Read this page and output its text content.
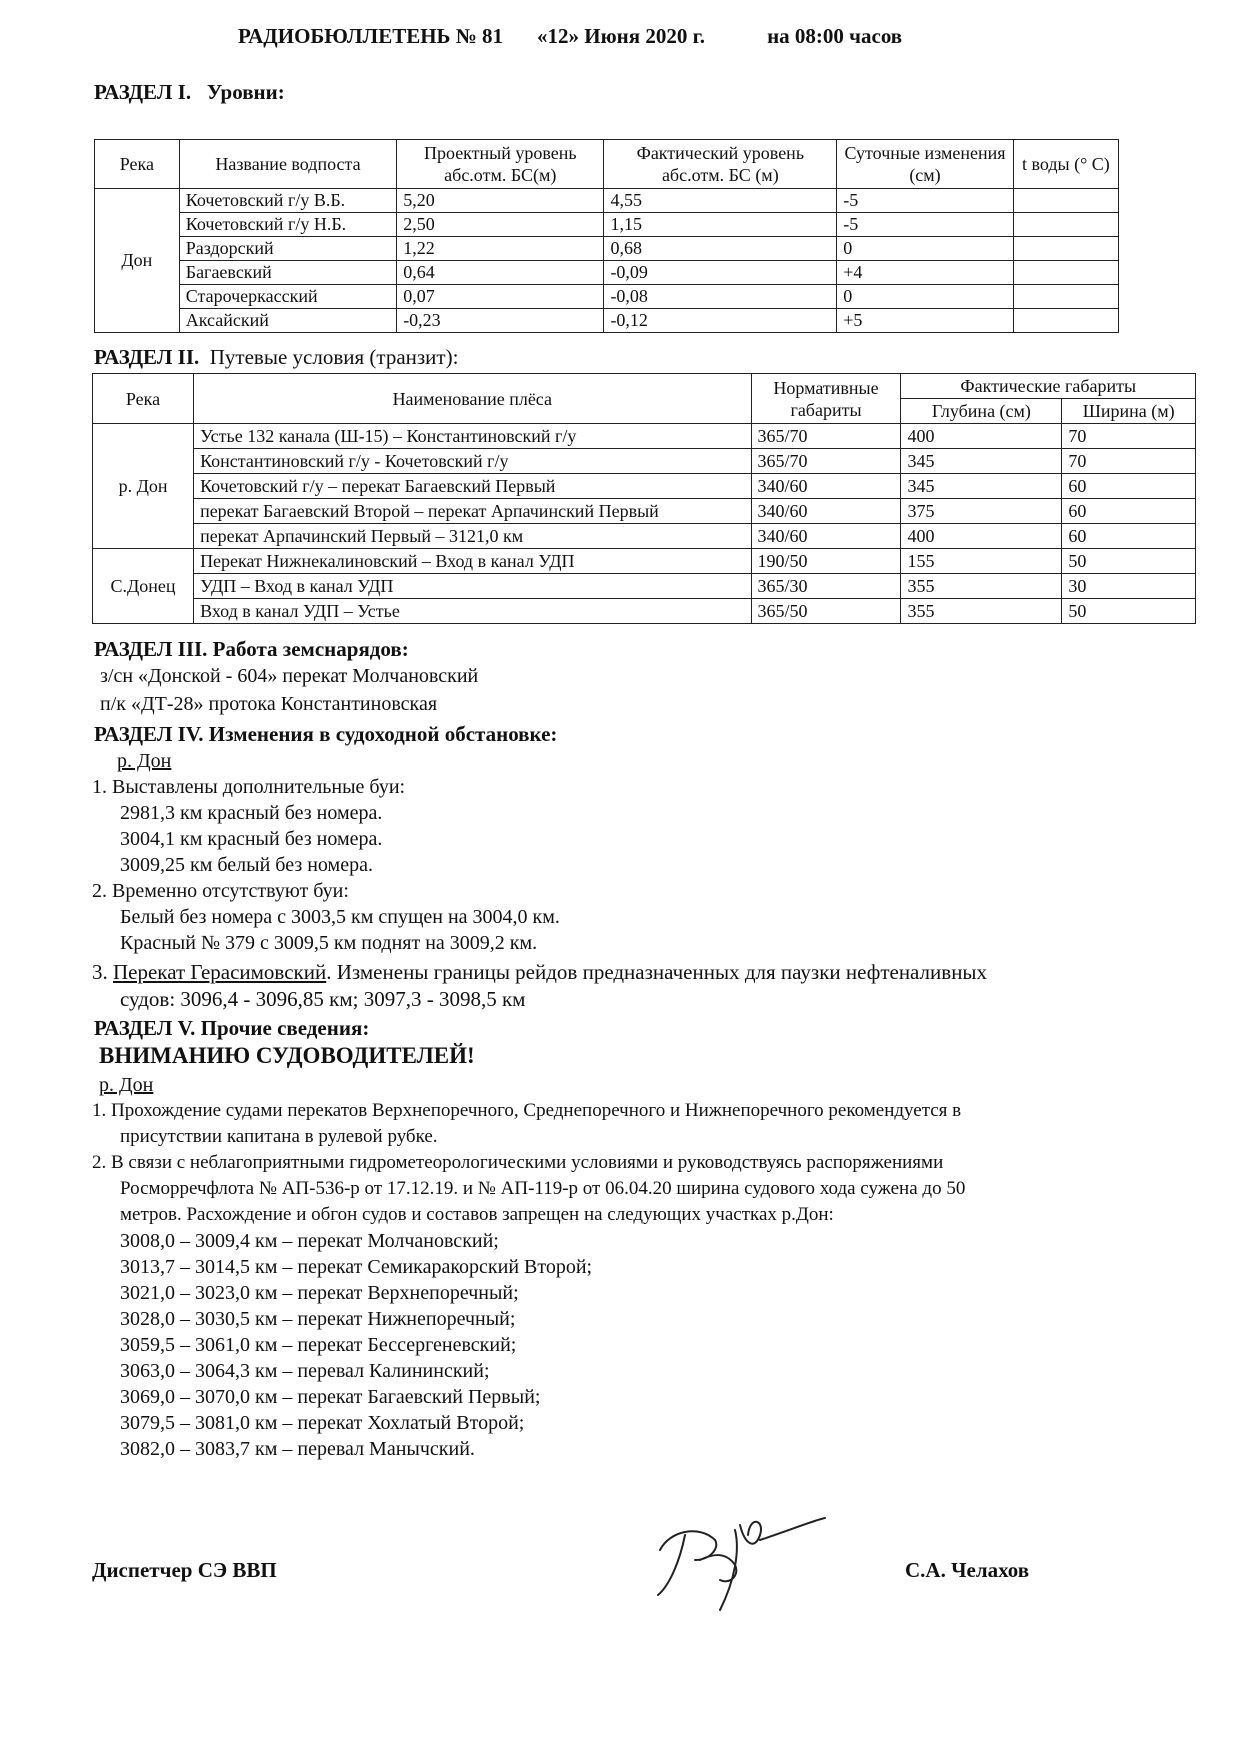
РАДИОБЮЛЛЕТЕНЬ № 81 «12» Июня 2020 г.	на 08:00 часов
РАЗДЕЛ I. Уровни:
Река	Название водпоста	Проектный уровень абс.отм. БС(м)	Фактический уровень абс.отм. БС (м)	Суточные изменения (см)	t воды (° С)
Дон	Кочетовский г/у В.Б.	5,20	4,55	-5	
	Кочетовский г/у Н.Б.	2,50	1,15	-5	
	Раздорский	1,22	0,68	0	
	Багаевский	0,64	-0,09	+4	
	Старочеркасский	0,07	-0,08	0	
	Аксайский	-0,23	-0,12	+5	
РАЗДЕЛ II. Путевые условия (транзит):
Река	Наименование плёса	Нормативные габариты	Фактические габариты	
			Глубина (см)	Ширина (м)
р. Дон	Устье 132 канала (Ш-15) – Константиновский г/у	365/70	400	70
	Константиновский г/у - Кочетовский г/у	365/70	345	70
	Кочетовский г/у – перекат Багаевский Первый	340/60	345	60
	перекат Багаевский Второй – перекат Арпачинский Первый	340/60	375	60
	перекат Арпачинский Первый – 3121,0 км	340/60	400	60
С.Донец	Перекат Нижнекалиновский – Вход в канал УДП	190/50	155	50
	УДП – Вход в канал УДП	365/30	355	30
	Вход в канал УДП – Устье	365/50	355	50
РАЗДЕЛ III. Работа земснарядов:
з/сн «Донской - 604» перекат Молчановский
п/к «ДТ-28» протока Константиновская
РАЗДЕЛ IV. Изменения в судоходной обстановке:
р. Дон
1. Выставлены дополнительные буи:
2981,3 км красный без номера.
3004,1 км красный без номера.
3009,25 км белый без номера.
2. Временно отсутствуют буи:
Белый без номера с 3003,5 км спущен на 3004,0 км.
Красный № 379 с 3009,5 км поднят на 3009,2 км.
3. Перекат Герасимовский. Изменены границы рейдов предназначенных для паузки нефтеналивных
судов: 3096,4 - 3096,85 км; 3097,3 - 3098,5 км
РАЗДЕЛ V. Прочие сведения:
ВНИМАНИЮ СУДОВОДИТЕЛЕЙ!
р. Дон
1. Прохождение судами перекатов Верхнепоречного, Среднепоречного и Нижнепоречного рекомендуется в
присутствии капитана в рулевой рубке.
2. В связи с неблагоприятными гидрометеорологическими условиями и руководствуясь распоряжениями
Росморречфлота № АП-536-р от 17.12.19. и № АП-119-р от 06.04.20 ширина судового хода сужена до 50
метров. Расхождение и обгон судов и составов запрещен на следующих участках р.Дон:
3008,0 – 3009,4 км – перекат Молчановский;
3013,7 – 3014,5 км – перекат Семикаракорский Второй;
3021,0 – 3023,0 км – перекат Верхнепоречный;
3028,0 – 3030,5 км – перекат Нижнепоречный;
3059,5 – 3061,0 км – перекат Бессергеневский;
3063,0 – 3064,3 км – перевал Калининский;
3069,0 – 3070,0 км – перекат Багаевский Первый;
3079,5 – 3081,0 км – перекат Хохлатый Второй;
3082,0 – 3083,7 км – перевал Манычский.
Диспетчер СЭ ВВП	С.А. Челахов
